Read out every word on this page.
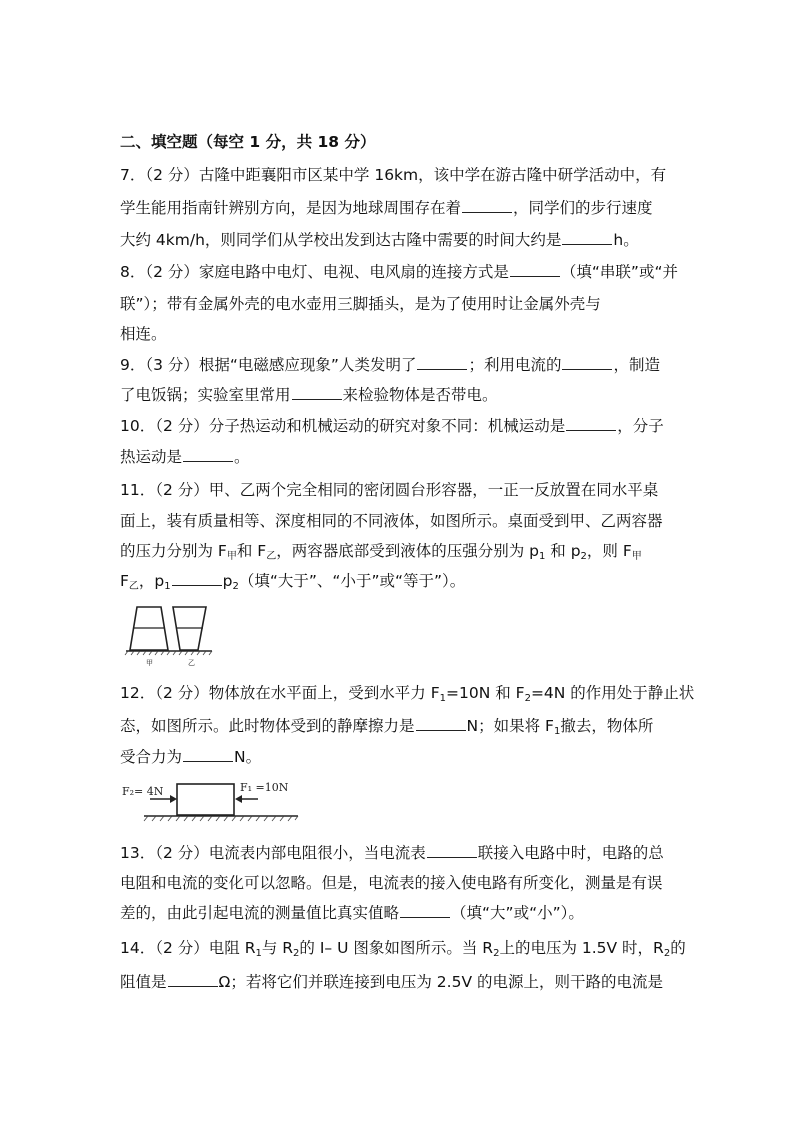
二、填空题（每空 1 分，共 18 分）
7．（2 分）古隆中距襄阳市区某中学 16km，该中学在游古隆中研学活动中，有
学生能用指南针辨别方向，是因为地球周围存在着	，同学们的步行速度
大约 4km/h，则同学们从学校出发到达古隆中需要的时间大约是	h。
8．（2 分）家庭电路中电灯、电视、电风扇的连接方式是	（填“串联”或“并
联”）；带有金属外壳的电水壶用三脚插头，是为了使用时让金属外壳与
相连。
9．（3 分）根据“电磁感应现象”人类发明了	；利用电流的	，制造
了电饭锅；实验室里常用	来检验物体是否带电。
10．（2 分）分子热运动和机械运动的研究对象不同：机械运动是	，分子
热运动是	。
11．（2 分）甲、乙两个完全相同的密闭圆台形容器，一正一反放置在同水平桌
面上，装有质量相等、深度相同的不同液体，如图所示。桌面受到甲、乙两容器
的压力分别为 $F_甲$和 $F_乙$，两容器底部受到液体的压强分别为 $p_1$ 和 $p_2$，则 $F_甲$
$F_乙$，$p_1$	$p_2$（填“大于”、“小于”或“等于”）。
甲	乙
12．（2 分）物体放在水平面上，受到水平力 $F_1=10N$ 和 $F_2=4N$ 的作用处于静止状
态，如图所示。此时物体受到的静摩擦力是	N；如果将 $F_1$撤去，物体所
受合力为	N。
F₂= 4N	F₁ =10N
13．（2 分）电流表内部电阻很小，当电流表	联接入电路中时，电路的总
电阻和电流的变化可以忽略。但是，电流表的接入使电路有所变化，测量是有误
差的，由此引起电流的测量值比真实值略	（填“大”或“小”）。
14．（2 分）电阻 $R_1$与 $R_2$的 I– U 图象如图所示。当 $R_2$上的电压为 1.5V 时，$R_2$的
阻值是	Ω；若将它们并联连接到电压为 2.5V 的电源上，则干路的电流是
